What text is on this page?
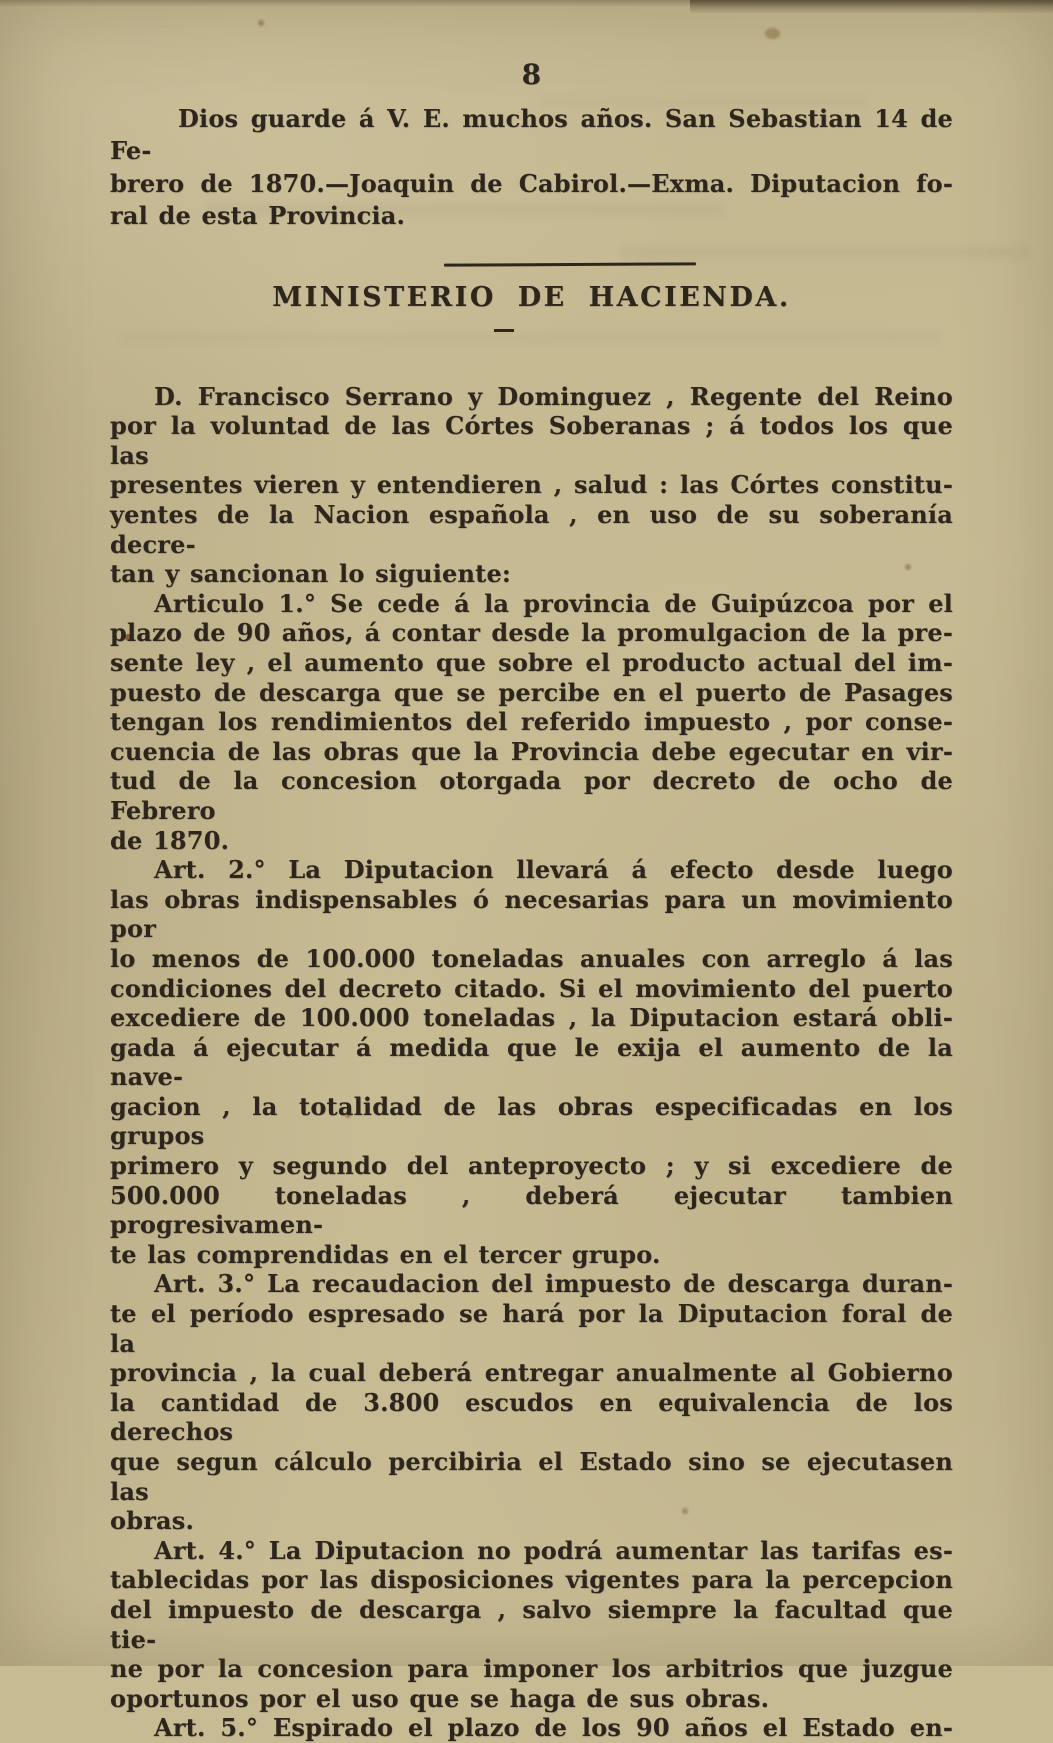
8
Dios guarde á V. E. muchos años. San Sebastian 14 de Fe-
brero de 1870.—Joaquin de Cabirol.—Exma. Diputacion fo-
ral de esta Provincia.
MINISTERIO DE HACIENDA.
D. Francisco Serrano y Dominguez , Regente del Reino
por la voluntad de las Córtes Soberanas ; á todos los que las
presentes vieren y entendieren , salud : las Córtes constitu-
yentes de la Nacion española , en uso de su soberanía decre-
tan y sancionan lo siguiente:
Articulo 1.° Se cede á la provincia de Guipúzcoa por el
plazo de 90 años, á contar desde la promulgacion de la pre-
sente ley , el aumento que sobre el producto actual del im-
puesto de descarga que se percibe en el puerto de Pasages
tengan los rendimientos del referido impuesto , por conse-
cuencia de las obras que la Provincia debe egecutar en vir-
tud de la concesion otorgada por decreto de ocho de Febrero
de 1870.
Art. 2.° La Diputacion llevará á efecto desde luego
las obras indispensables ó necesarias para un movimiento por
lo menos de 100.000 toneladas anuales con arreglo á las
condiciones del decreto citado. Si el movimiento del puerto
excediere de 100.000 toneladas , la Diputacion estará obli-
gada á ejecutar á medida que le exija el aumento de la nave-
gacion , la totalidad de las obras especificadas en los grupos
primero y segundo del anteproyecto ; y si excediere de
500.000 toneladas , deberá ejecutar tambien progresivamen-
te las comprendidas en el tercer grupo.
Art. 3.° La recaudacion del impuesto de descarga duran-
te el período espresado se hará por la Diputacion foral de la
provincia , la cual deberá entregar anualmente al Gobierno
la cantidad de 3.800 escudos en equivalencia de los derechos
que segun cálculo percibiria el Estado sino se ejecutasen las
obras.
Art. 4.° La Diputacion no podrá aumentar las tarifas es-
tablecidas por las disposiciones vigentes para la percepcion
del impuesto de descarga , salvo siempre la facultad que tie-
ne por la concesion para imponer los arbitrios que juzgue
oportunos por el uso que se haga de sus obras.
Art. 5.° Espirado el plazo de los 90 años el Estado en-
